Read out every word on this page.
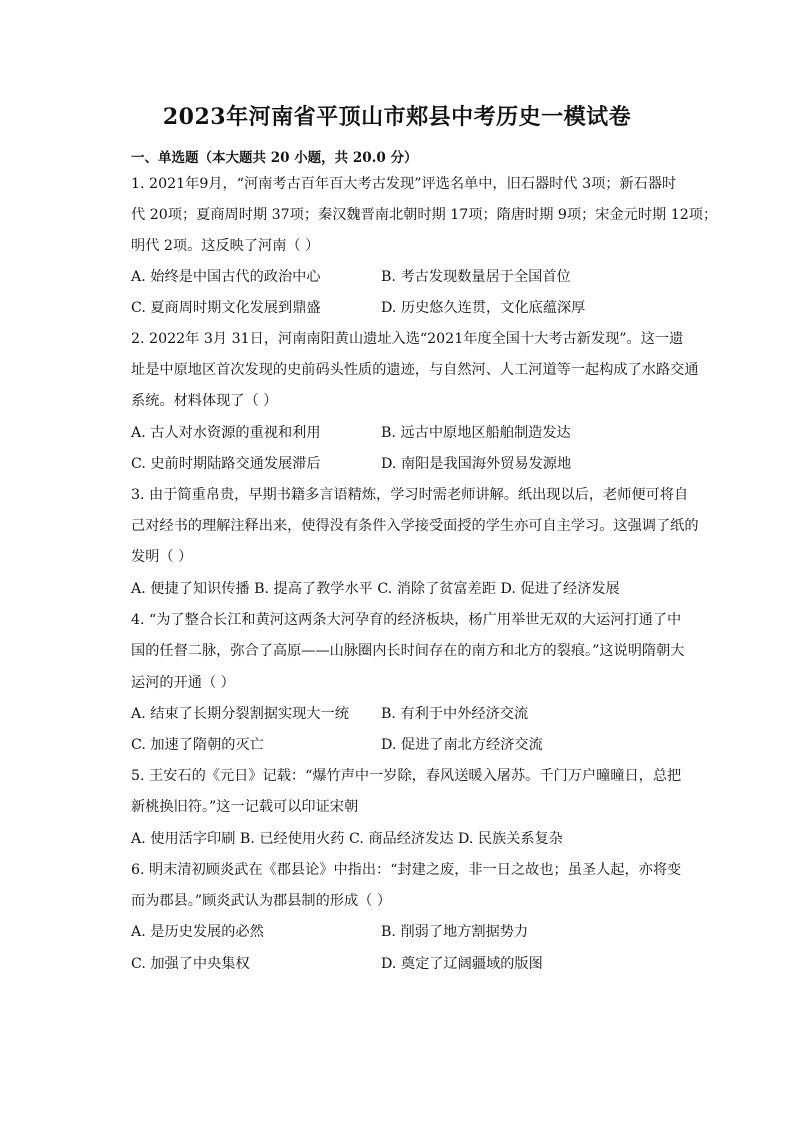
2023年河南省平顶山市郏县中考历史一模试卷
一、单选题（本大题共 20 小题，共 20.0 分）
1. 2021年9月，“河南考古百年百大考古发现”评选名单中，旧石器时代 3项；新石器时
代 20项；夏商周时期 37项；秦汉魏晋南北朝时期 17项；隋唐时期 9项；宋金元时期 12项；
明代 2项。这反映了河南（ ）
A. 始终是中国古代的政治中心	B. 考古发现数量居于全国首位
C. 夏商周时期文化发展到鼎盛	D. 历史悠久连贯，文化底蕴深厚
2. 2022年 3月 31日，河南南阳黄山遗址入选“2021年度全国十大考古新发现”。这一遗
址是中原地区首次发现的史前码头性质的遗迹，与自然河、人工河道等一起构成了水路交通
系统。材料体现了（ ）
A. 古人对水资源的重视和利用	B. 远古中原地区船舶制造发达
C. 史前时期陆路交通发展滞后	D. 南阳是我国海外贸易发源地
3. 由于简重帛贵，早期书籍多言语精炼，学习时需老师讲解。纸出现以后，老师便可将自
己对经书的理解注释出来，使得没有条件入学接受面授的学生亦可自主学习。这强调了纸的
发明（ ）
A. 便捷了知识传播 B. 提高了教学水平 C. 消除了贫富差距 D. 促进了经济发展
4. “为了整合长江和黄河这两条大河孕育的经济板块，杨广用举世无双的大运河打通了中
国的任督二脉，弥合了高原——山脉圈内长时间存在的南方和北方的裂痕。”这说明隋朝大
运河的开通（ ）
A. 结束了长期分裂割据实现大一统 B. 有利于中外经济交流
C. 加速了隋朝的灭亡	D. 促进了南北方经济交流
5. 王安石的《元日》记载：“爆竹声中一岁除，春风送暖入屠苏。千门万户曈曈日，总把
新桃换旧符。”这一记载可以印证宋朝
A. 使用活字印刷 B. 已经使用火药 C. 商品经济发达 D. 民族关系复杂
6. 明末清初顾炎武在《郡县论》中指出：“封建之废，非一日之故也；虽圣人起，亦将变
而为郡县。”顾炎武认为郡县制的形成（ ）
A. 是历史发展的必然	B. 削弱了地方割据势力
C. 加强了中央集权	D. 奠定了辽阔疆域的版图
